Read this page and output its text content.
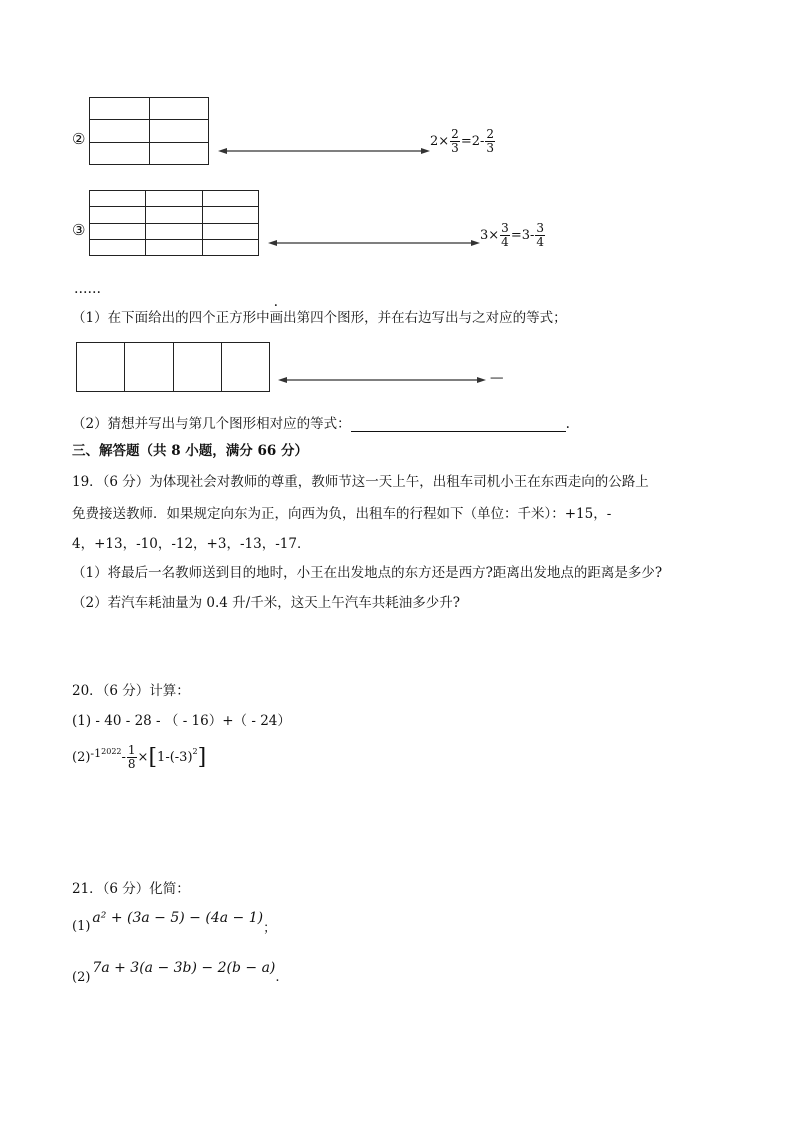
②

		$2\times \frac{2}{3} =2- \frac{2}{3}$
③

			$3\times \frac{3}{4} =3- \frac{3}{4}$
……
（1）在下面给出的四个正方形中画出第四个图形，并在右边写出与之对应的等式；

—
（2）猜想并写出与第几个图形相对应的等式：	.
三、解答题（共 8 小题，满分 66 分）
19．（6 分）为体现社会对教师的尊重，教师节这一天上午，出租车司机小王在东西走向的公路上
免费接送教师．如果规定向东为正，向西为负，出租车的行程如下（单位：千米）：+15，-
4，+13，-10，-12，+3，-13，-17．
（1）将最后一名教师送到目的地时，小王在出发地点的东方还是西方?距离出发地点的距离是多少?
（2）若汽车耗油量为 0.4 升/千米，这天上午汽车共耗油多少升?
20．（6 分）计算：
(1) - 40 - 28 - （ - 16）+（ - 24）
(2) $-1^{2022} - \frac{1}{8}$ × [ $1-(-3)^2$ ]
21．（6 分）化简：
(1)
a² + (3a − 5) − (4a − 1)
；
(2)
7a + 3(a − 3b) − 2(b − a)
.
